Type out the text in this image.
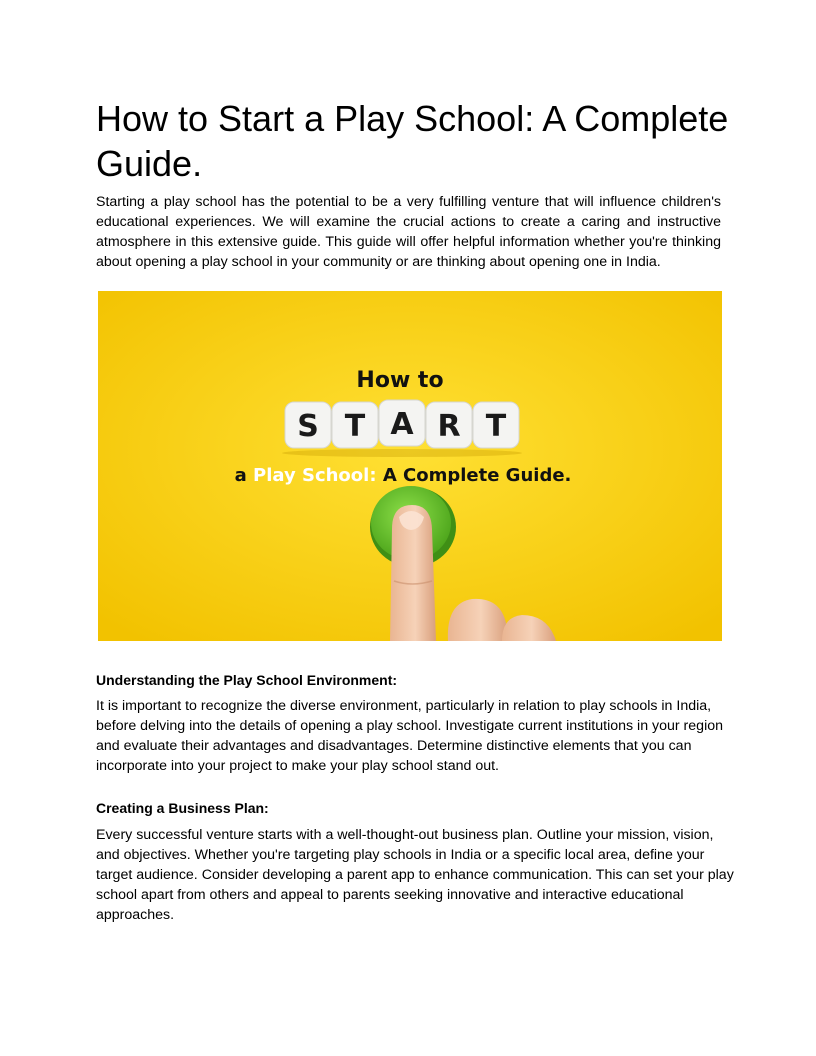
How to Start a Play School: A Complete Guide.

Starting a play school has the potential to be a very fulfilling venture that will influence children's educational experiences. We will examine the crucial actions to create a caring and instructive atmosphere in this extensive guide. This guide will offer helpful information whether you're thinking about opening a play school in your community or are thinking about opening one in India.

How to
S T A R T
a Play School: A Complete Guide.
Understanding the Play School Environment:

It is important to recognize the diverse environment, particularly in relation to play schools in India, before delving into the details of opening a play school. Investigate current institutions in your region and evaluate their advantages and disadvantages. Determine distinctive elements that you can incorporate into your project to make your play school stand out.

Creating a Business Plan:

Every successful venture starts with a well-thought-out business plan. Outline your mission, vision, and objectives. Whether you're targeting play schools in India or a specific local area, define your target audience. Consider developing a parent app to enhance communication. This can set your play school apart from others and appeal to parents seeking innovative and interactive educational approaches.
